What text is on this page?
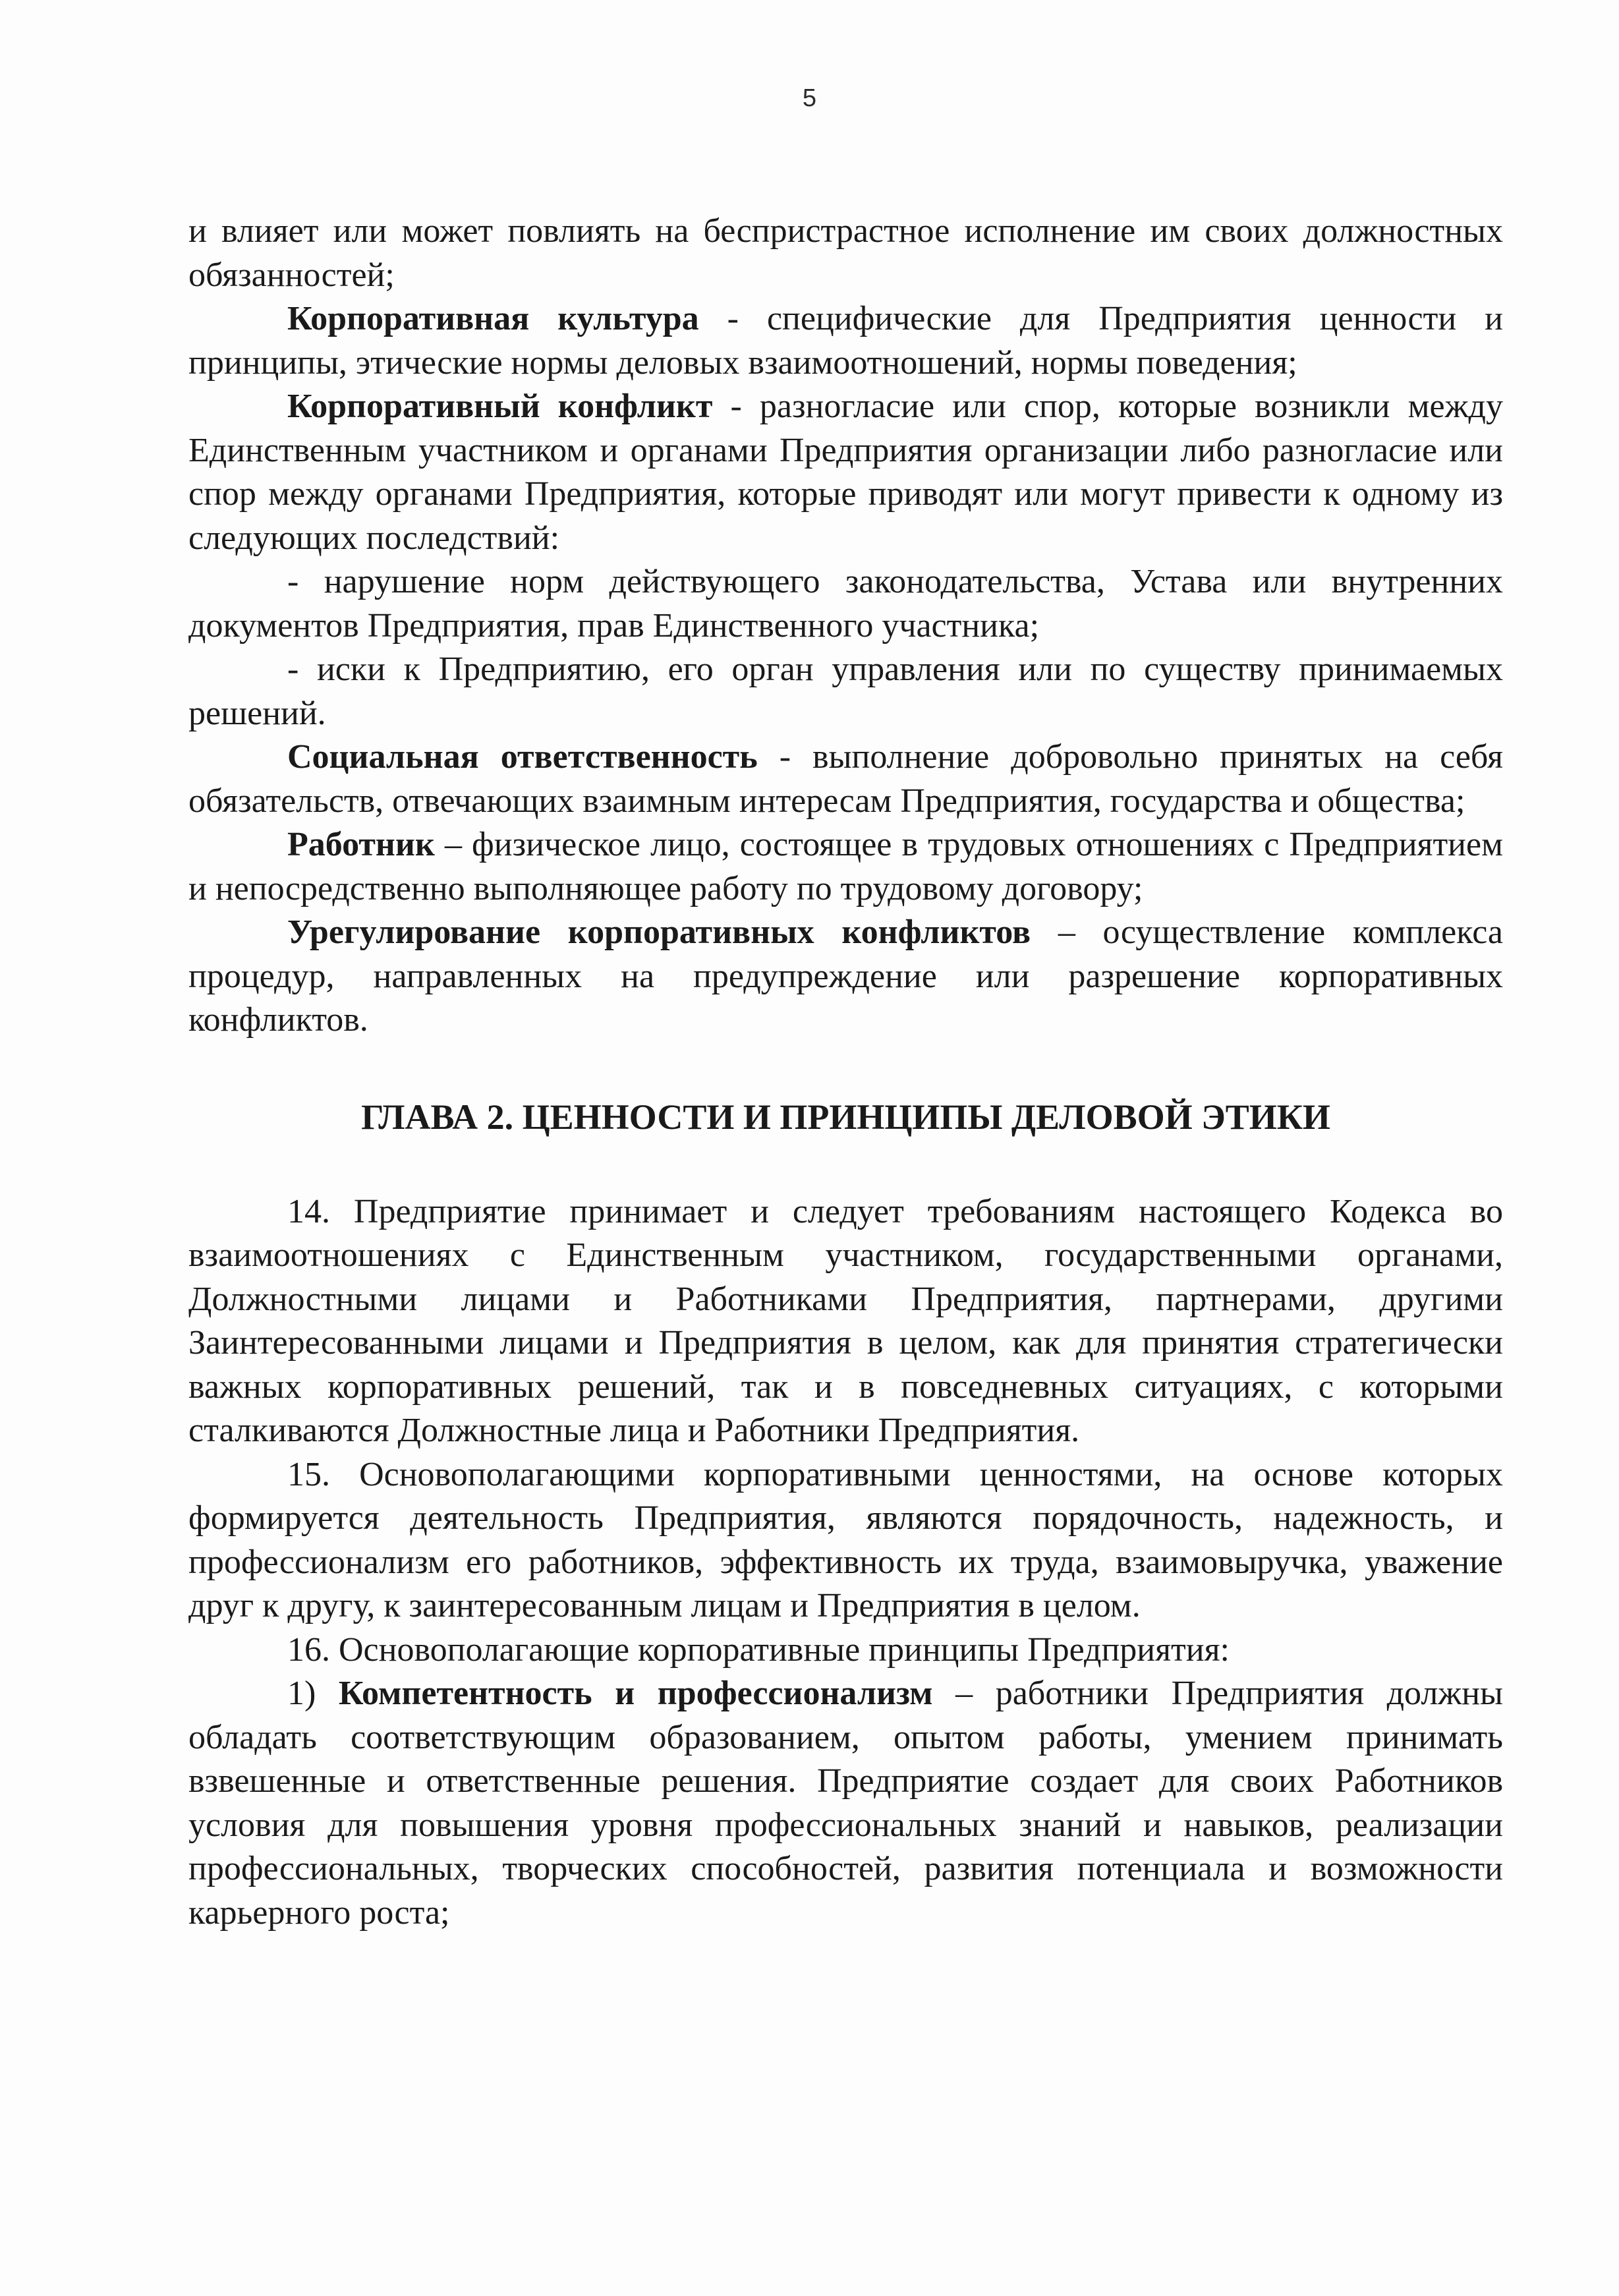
5

и влияет или может повлиять на беспристрастное исполнение им своих должностных обязанностей;

Корпоративная культура - специфические для Предприятия ценности и принципы, этические нормы деловых взаимоотношений, нормы поведения;

Корпоративный конфликт - разногласие или спор, которые возникли между Единственным участником и органами Предприятия организации либо разногласие или спор между органами Предприятия, которые приводят или могут привести к одному из следующих последствий:

- нарушение норм действующего законодательства, Устава или внутренних документов Предприятия, прав Единственного участника;

- иски к Предприятию, его орган управления или по существу принимаемых решений.

Социальная ответственность - выполнение добровольно принятых на себя обязательств, отвечающих взаимным интересам Предприятия, государства и общества;

Работник – физическое лицо, состоящее в трудовых отношениях с Предприятием и непосредственно выполняющее работу по трудовому договору;

Урегулирование корпоративных конфликтов – осуществление комплекса процедур, направленных на предупреждение или разрешение корпоративных конфликтов.

ГЛАВА 2. ЦЕННОСТИ И ПРИНЦИПЫ ДЕЛОВОЙ ЭТИКИ

14. Предприятие принимает и следует требованиям настоящего Кодекса во взаимоотношениях с Единственным участником, государственными органами, Должностными лицами и Работниками Предприятия, партнерами, другими Заинтересованными лицами и Предприятия в целом, как для принятия стратегически важных корпоративных решений, так и в повседневных ситуациях, с которыми сталкиваются Должностные лица и Работники Предприятия.

15. Основополагающими корпоративными ценностями, на основе которых формируется деятельность Предприятия, являются порядочность, надежность, и профессионализм его работников, эффективность их труда, взаимовыручка, уважение друг к другу, к заинтересованным лицам и Предприятия в целом.

16. Основополагающие корпоративные принципы Предприятия:

1) Компетентность и профессионализм – работники Предприятия должны обладать соответствующим образованием, опытом работы, умением принимать взвешенные и ответственные решения. Предприятие создает для своих Работников условия для повышения уровня профессиональных знаний и навыков, реализации профессиональных, творческих способностей, развития потенциала и возможности карьерного роста;
